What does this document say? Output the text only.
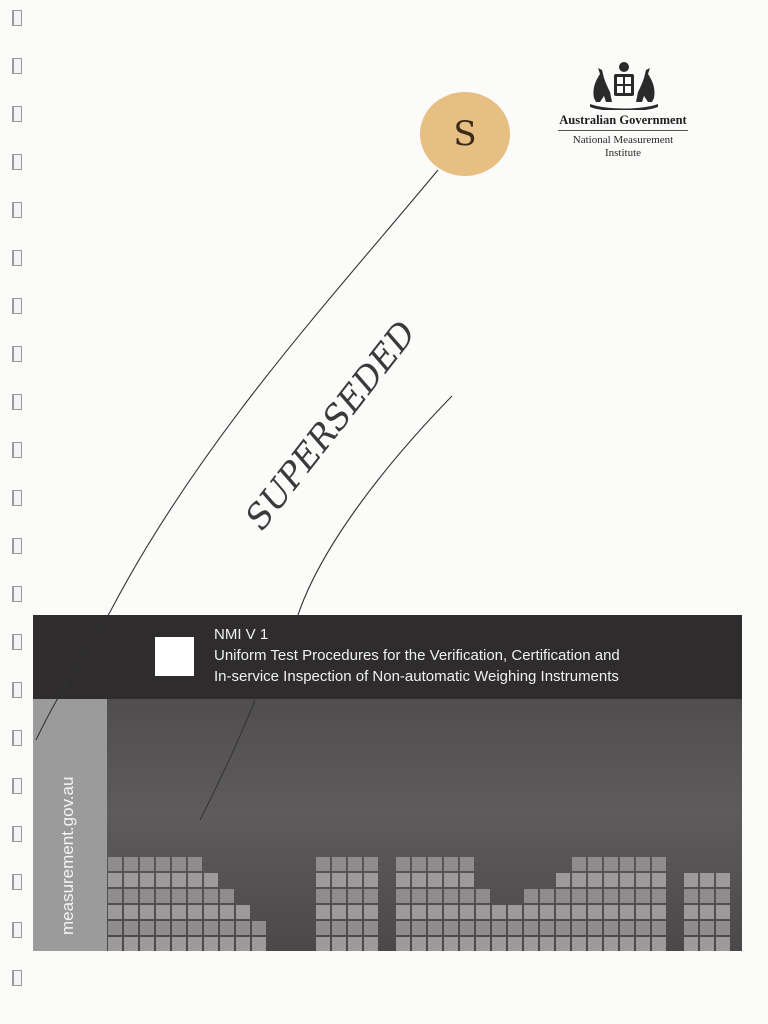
Australian Government
National Measurement
Institute
S
NMI V 1
Uniform Test Procedures for the Verification, Certification and
In-service Inspection of Non-automatic Weighing Instruments
measurement.gov.au
SUPERSEDED
